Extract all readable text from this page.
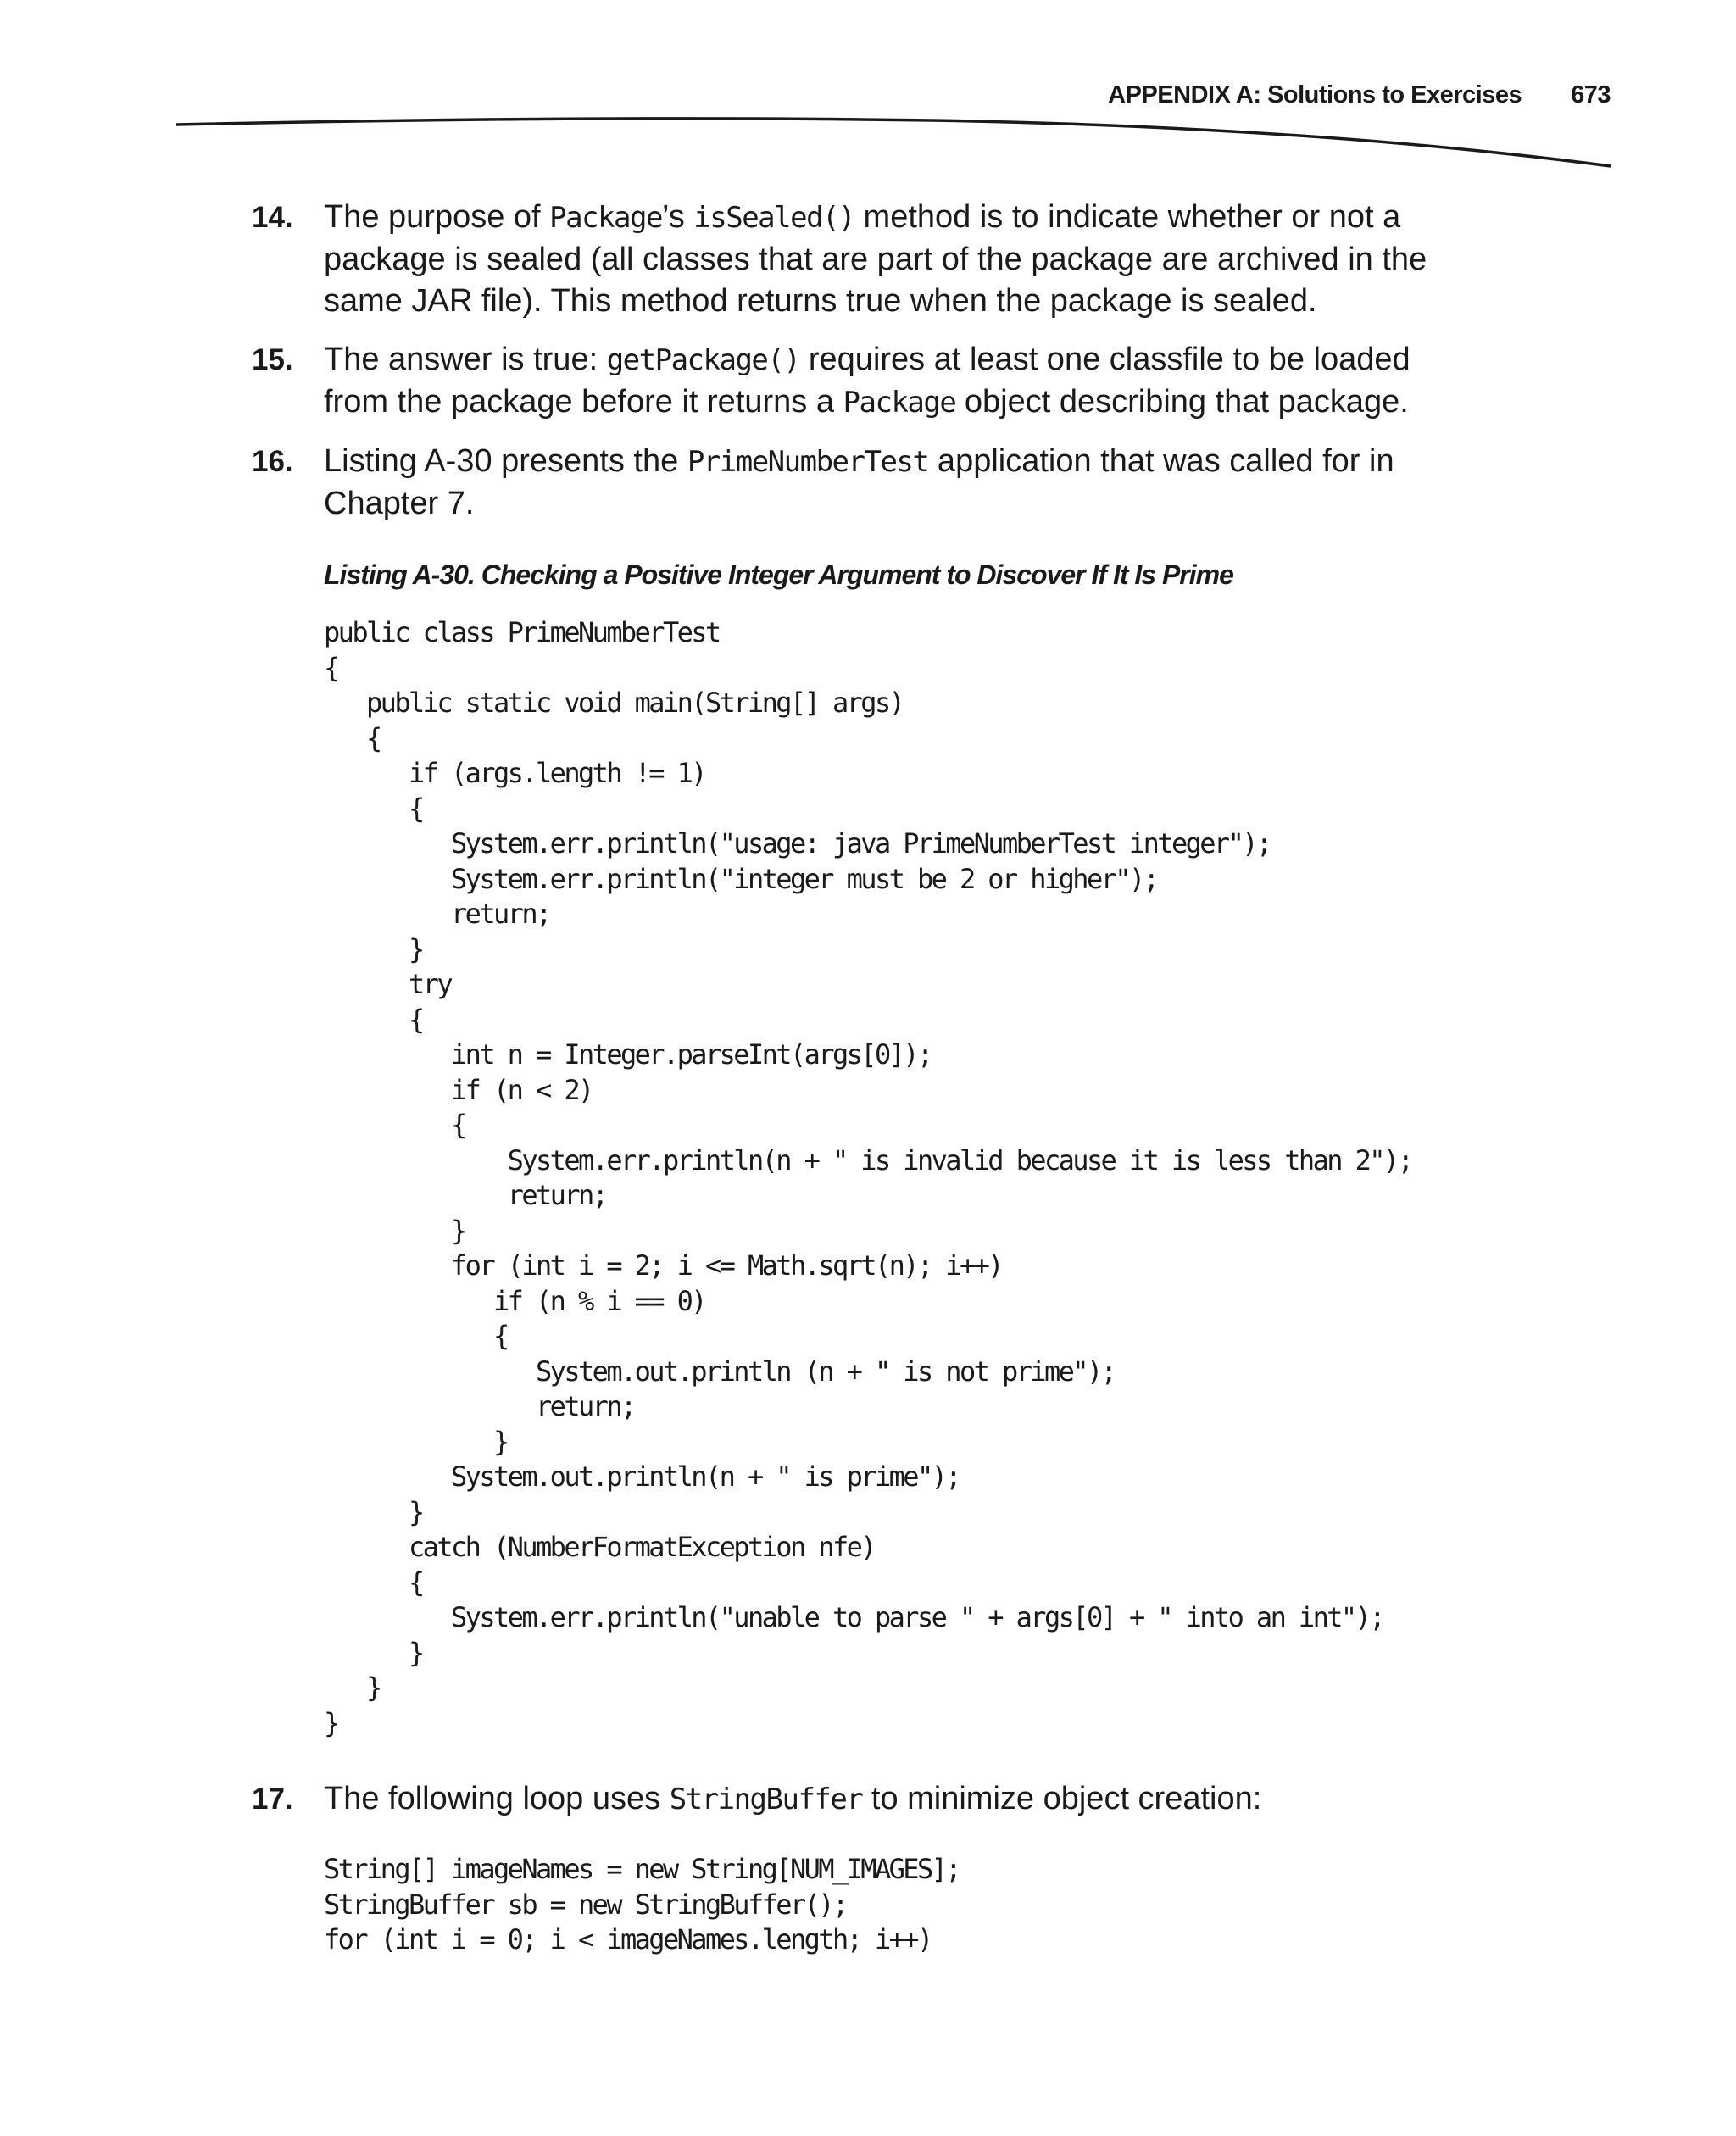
APPENDIX A: Solutions to Exercises 673
14. The purpose of Package’s isSealed() method is to indicate whether or not a
package is sealed (all classes that are part of the package are archived in the
same JAR file). This method returns true when the package is sealed.
15. The answer is true: getPackage() requires at least one classfile to be loaded
from the package before it returns a Package object describing that package.
16. Listing A-30 presents the PrimeNumberTest application that was called for in
Chapter 7.
17. The following loop uses StringBuffer to minimize object creation:
Listing A-30. Checking a Positive Integer Argument to Discover If It Is Prime
public class PrimeNumberTest
{
public static void main(String[] args)
{
if (args.length != 1)
{
System.err.println("usage: java PrimeNumberTest integer");
System.err.println("integer must be 2 or higher");
return;
}
try
{
int n = Integer.parseInt(args[0]);
if (n < 2)
{
System.err.println(n + " is invalid because it is less than 2");
return;
}
for (int i = 2; i <= Math.sqrt(n); i++)
if (n % i == 0)
{
System.out.println (n + " is not prime");
return;
}
System.out.println(n + " is prime");
}
catch (NumberFormatException nfe)
{
System.err.println("unable to parse " + args[0] + " into an int");
}
}
}
String[] imageNames = new String[NUM_IMAGES];
StringBuffer sb = new StringBuffer();
for (int i = 0; i < imageNames.length; i++)
